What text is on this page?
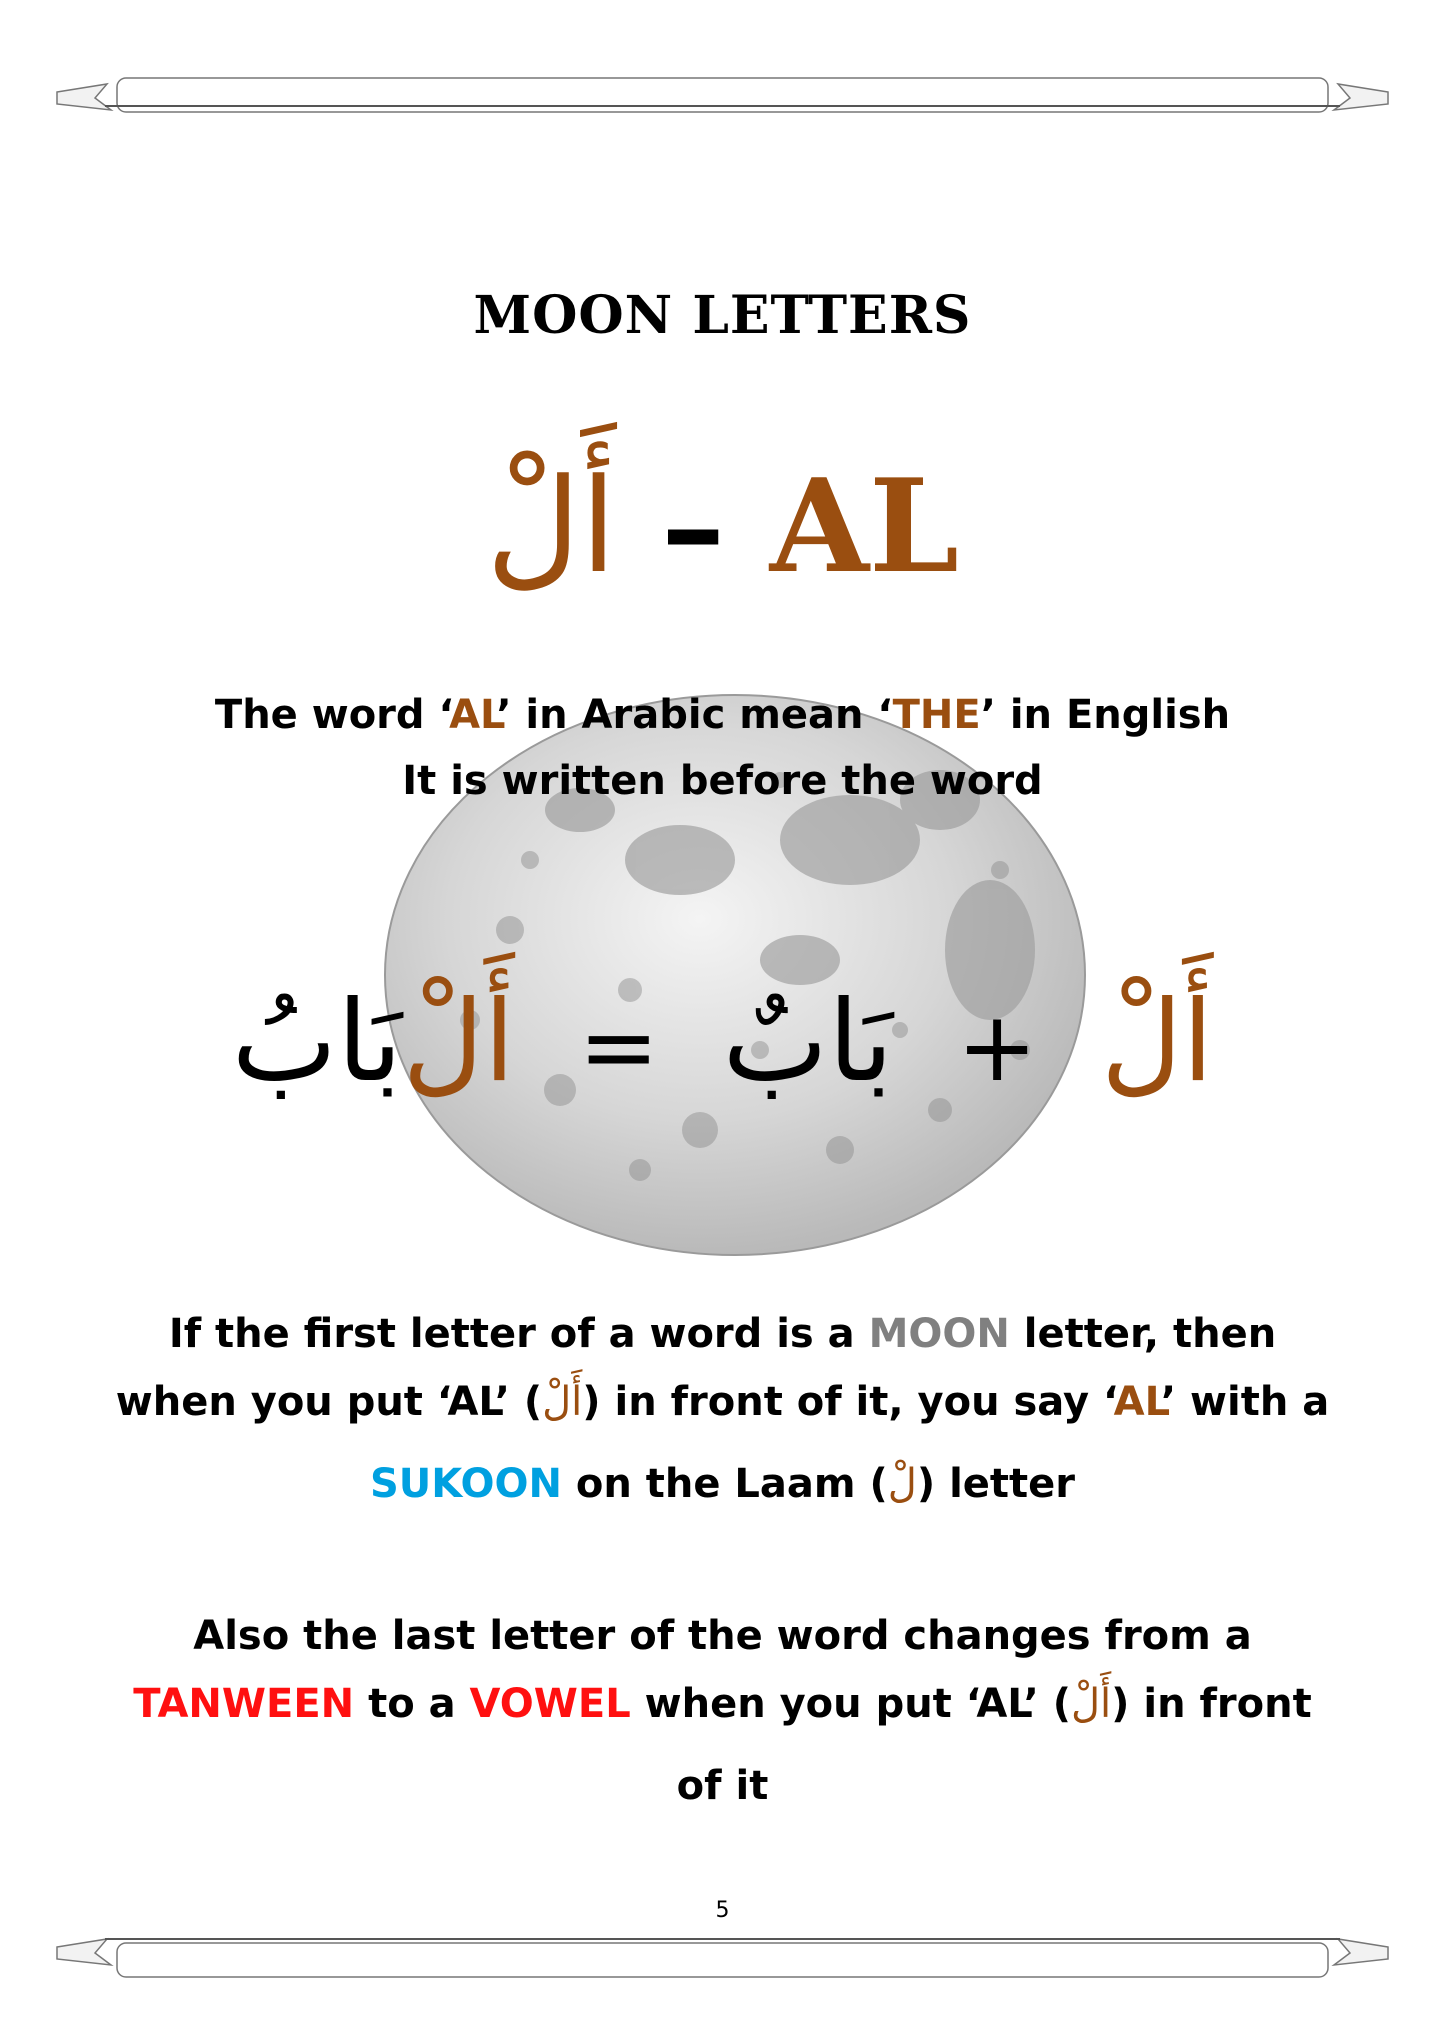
MOON LETTERS
أَلْ – AL
The word ‘AL’ in Arabic mean ‘THE’ in English
It is written before the word
بَابُأَلْ = بَابٌ + أَلْ
If the first letter of a word is a MOON letter, then
when you put ‘AL’ (أَلْ) in front of it, you say ‘AL’ with a
SUKOON on the Laam (لْ) letter
Also the last letter of the word changes from a
TANWEEN to a VOWEL when you put ‘AL’ (أَلْ) in front
of it
5
